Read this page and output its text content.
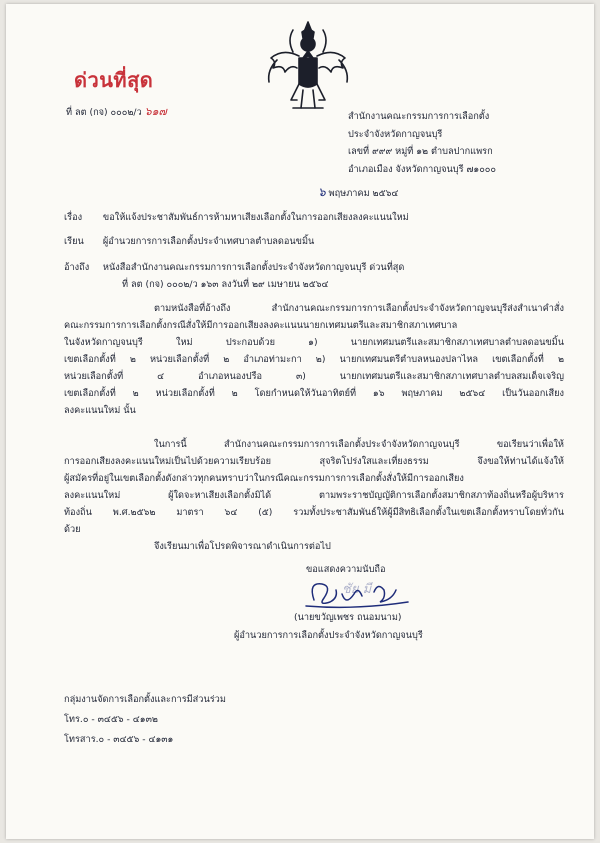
ด่วนที่สุด
ที่ ลต (กจ) ๐๐๐๒/ว ๖๑๗	สำนักงานคณะกรรมการการเลือกตั้ง
ประจำจังหวัดกาญจนบุรี
เลขที่ ๙๙๙ หมู่ที่ ๑๒ ตำบลปากแพรก
อำเภอเมือง จังหวัดกาญจนบุรี ๗๑๐๐๐
๖ พฤษภาคม ๒๕๖๔
เรื่อง ขอให้แจ้งประชาสัมพันธ์การห้ามหาเสียงเลือกตั้งในการออกเสียงลงคะแนนใหม่
เรียน ผู้อำนวยการการเลือกตั้งประจำเทศบาลตำบลดอนขมิ้น
อ้างถึง หนังสือสำนักงานคณะกรรมการการเลือกตั้งประจำจังหวัดกาญจนบุรี ด่วนที่สุด
ที่ ลต (กจ) ๐๐๐๒/ว ๑๖๓ ลงวันที่ ๒๙ เมษายน ๒๕๖๔
ตามหนังสือที่อ้างถึง สำนักงานคณะกรรมการการเลือกตั้งประจำจังหวัดกาญจนบุรีส่งสำเนาคำสั่ง
คณะกรรมการการเลือกตั้งกรณีสั่งให้มีการออกเสียงลงคะแนนนายกเทศมนตรีและสมาชิกสภาเทศบาล
ในจังหวัดกาญจนบุรี ใหม่ ประกอบด้วย ๑) นายกเทศมนตรีและสมาชิกสภาเทศบาลตำบลดอนขมิ้น
เขตเลือกตั้งที่ ๒ หน่วยเลือกตั้งที่ ๒ อำเภอท่ามะกา ๒) นายกเทศมนตรีตำบลหนองปลาไหล เขตเลือกตั้งที่ ๒
หน่วยเลือกตั้งที่ ๔ อำเภอหนองปรือ ๓) นายกเทศมนตรีและสมาชิกสภาเทศบาลตำบลสมเด็จเจริญ
เขตเลือกตั้งที่ ๒ หน่วยเลือกตั้งที่ ๒ โดยกำหนดให้วันอาทิตย์ที่ ๑๖ พฤษภาคม ๒๕๖๔ เป็นวันออกเสียง
ลงคะแนนใหม่ นั้น
ในการนี้ สำนักงานคณะกรรมการการเลือกตั้งประจำจังหวัดกาญจนบุรี ขอเรียนว่าเพื่อให้
การออกเสียงลงคะแนนใหม่เป็นไปด้วยความเรียบร้อย สุจริตโปร่งใสและเที่ยงธรรม จึงขอให้ท่านได้แจ้งให้
ผู้สมัครที่อยู่ในเขตเลือกตั้งดังกล่าวทุกคนทราบว่าในกรณีคณะกรรมการการเลือกตั้งสั่งให้มีการออกเสียง
ลงคะแนนใหม่ ผู้ใดจะหาเสียงเลือกตั้งมิได้ ตามพระราชบัญญัติการเลือกตั้งสมาชิกสภาท้องถิ่นหรือผู้บริหาร
ท้องถิ่น พ.ศ.๒๕๖๒ มาตรา ๖๔ (๕) รวมทั้งประชาสัมพันธ์ให้ผู้มีสิทธิเลือกตั้งในเขตเลือกตั้งทราบโดยทั่วกัน
ด้วย
จึงเรียนมาเพื่อโปรดพิจารณาดำเนินการต่อไป
ขอแสดงความนับถือ
ชัย มี
(นายขวัญเพชร ถนอมนาม)
ผู้อำนวยการการเลือกตั้งประจำจังหวัดกาญจนบุรี
กลุ่มงานจัดการเลือกตั้งและการมีส่วนร่วม
โทร.๐ - ๓๔๕๖ - ๔๑๓๒
โทรสาร.๐ - ๓๔๕๖ - ๔๑๓๑
